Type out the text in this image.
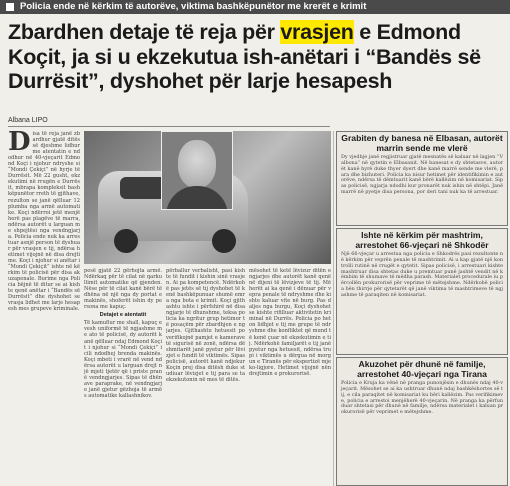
Policia ende në kërkim të autorëve, viktima bashkëpunëtor me krerët e krimit
Zbardhen detaje të reja për vrasjen e Edmond Koçit, ja si u ekzekutua ish-anëtari i “Bandës së Durrësit”, dyshohet për larje hesapesh
Albana LIPO
D isa të reja janë zbardhur gjatë ditës së djeshme lidhur me atentatin e ndodhur në 40-vjeçarit Edmond Koçi i njohur ndryshe si “Mondi Çekiçi” në hyrje të Durrësit. Më 22 gusht, ekzekutimi në rrugën e Durrësit, mbrapa kompleksit bashkëpunëtor rreth të gjithave, rezulton se janë qëlluar 12 plumba nga armë automatike. Koçi ndërroi jetë menjëherë pas plagëve të marra, ndërsa autorët u larguan me shpejtësi nga vendngjarja. Policia ende nuk ka arrestuar asnjë person të dyshuar për vrasjen e tij, ndërsa hetimet vijojnë në disa drejtime. Koçi i njohur si anëtar i “Mondi Çekiçit” ishte në kërkim të policisë për disa akuzapenale. Burime nga Policia bëjnë të ditur se ai kishte qenë anëtar i “Bandës së Durrësit” dhe dyshohet se vrasja lidhet me larje hesapesh mes grupeve kriminale.
pesë gjatë 22 gërhojta armë. Ndërkaq për të cilat në qarkullimit automatike që gjenden. Nëse për të cilat kanë bërë të dhëna në një nga dy portat e makinës, shoferët ishin dy persona me kapuç.
Detajet e atentatit
Të kamuflur me shall, kapuç e vesh uniformë të ngjashme me ato të policisë, dy autorët kanë qëlluar ndaj Edmond Koçit i njohur si “Mondi Çekiçi” i cili ndodhej brenda makinës. Koçi mbeti i vrarë në vend ndërsa autorët u larguan drejt një mjeti tjetër që i priste pranë vendngjarjes. Sipas të dhënave paraprake, në vendngjarje janë gjetur gëzhoja të armës automatike kallashnikov.
përballur verbalisht, pasi kishte të fundit i kishin sinë vrasjen. Ai pa kompetencë. Ndërkohë pas jetës së tij dyshohet të kenë bashkëpunuar shumë emra nga bota e krimit. Koçi gjithashtu ishte i përfshirë në disa ngjarje të dhunshme, teksa policia ka ngritur grup hetimor të posaçëm për zbardhjen e ngjarjes. Gjithashtu hetuesit po verifikojnë pamjet e kamerave të sigurisë në zonë, ndërsa dëshmitarët janë pyetur për lëvizjet e fundit të viktimës. Sipas policisë, autorët kanë ndjekur Koçin prej disa ditësh duke studiuar lëvizjet e tij para se ta ekzekutonin në mes të ditës.
mësohet të ketë lëvizur ditën e ngjarjes dhe autorët kanë qenë në dijeni të lëvizjeve të tij. Më herët ai ka qenë i dënuar për vepra penale të ndryshme dhe kishte kaluar vite në burg. Pas daljes nga burgu, Koçi dyshohet se kishte rifilluar aktivitetin kriminal në Durrës. Policia po heton lidhjet e tij me grupe të ndryshme dhe konfliktet që mund të kenë çuar në ekzekutimin e tij. Ndërkohë familjarët e tij janë pyetur nga hetuesit, ndërsa trupi i viktimës u dërgua në morgun e Tiranës për ekspertizë mjeko-ligjore. Hetimet vijojnë nën drejtimin e prokurorisë.
Grabiten dy banesa në Elbasan, autorët marrin sende me vlerë
Dy vjedhje janë regjistruar gjatë mesnatës së kaluar në lagjen “Valbona” në qytetin e Elbasanit. Në banesat e dy shtetasve, autorët kanë hyrë duke thyer dyert dhe kanë marrë sende me vlerë, para dhe bizhuteri. Policia ka nisur hetimet për identifikimin e autorëve, ndërsa të dëmtuarit kanë bërë kallëzim në komisariat. Sipas policisë, ngjarja ndodhi kur pronarët nuk ishin në shtëpi. Janë marrë në pyetje disa persona, por deri tani nuk ka të arrestuar.
Ishte në kërkim për mashtrim, arrestohet 66-vjeçari në Shkodër
Një 66-vjeçar u arrestua nga policia e Shkodrës pasi rezultonte në kërkim për veprën penale të mashtrimit. Ai u kap gjatë një kontrolli rutinë në rrugët e qytetit. Sipas policisë, i arrestuari kishte mashtruar disa shtetas duke u premtuar punë jashtë vendit në këmbim të shumave të mëdha parash. Materialet procedurale iu përcollën prokurorisë për veprime të mëtejshme. Ndërkohë policia bën thirrje për qytetarët që janë viktima të mashtrimeve të ngjashme të paraqiten në komisariat.
Akuzohet për dhunë në familje, arrestohet 40-vjeçari nga Tirana
Policia e Kruja ka vënë në pranga punonjësin e dhunës ndaj 40-vjeçarit. Mësohet se ai ka ushtruar dhunë ndaj bashkëshortes së tij, e cila paraqitet në komisariat ku bëri kallëzim. Pas verifikimeve, policia e arrestoi menjëherë 40-vjeçarin. Në pranga ka përfunduar shtetasi për dhunë në familje, ndërsa materialet i kaluan prokurorisë për veprimet e mëtejshme.
